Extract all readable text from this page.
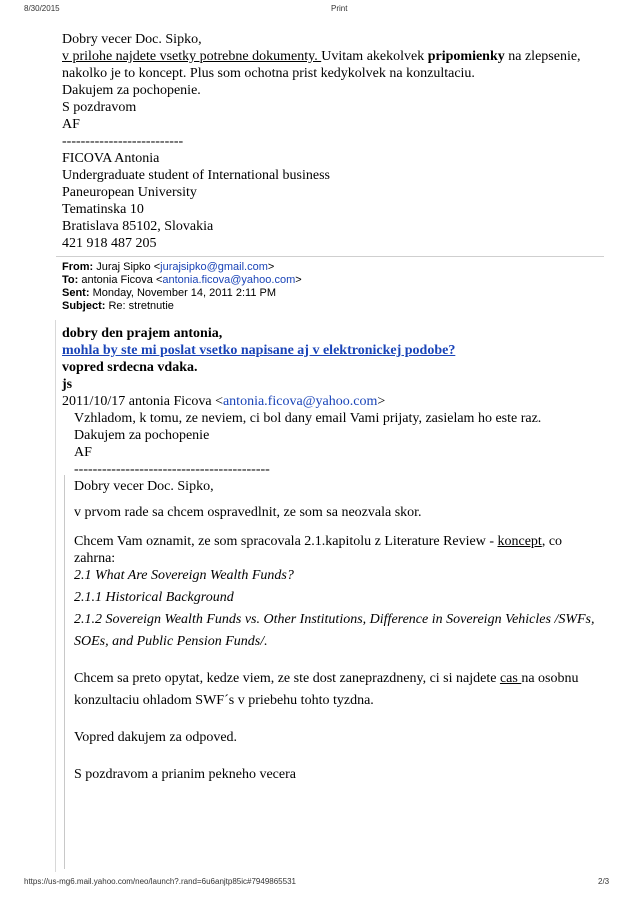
8/30/2015	Print

Dobry vecer Doc. Sipko,

v prilohe najdete vsetky potrebne dokumenty. Uvitam akekolvek pripomienky na zlepsenie,

nakolko je to koncept. Plus som ochotna prist kedykolvek na konzultaciu.

Dakujem za pochopenie.

S pozdravom

AF

--------------------------

FICOVA Antonia

Undergraduate student of International business

Paneuropean University

Tematinska 10

Bratislava 85102, Slovakia

421 918 487 205

From: Juraj Sipko <jurajsipko@gmail.com>
To: antonia Ficova <antonia.ficova@yahoo.com>
Sent: Monday, November 14, 2011 2:11 PM
Subject: Re: stretnutie

dobry den prajem antonia,

mohla by ste mi poslat vsetko napisane aj v elektronickej podobe?

vopred srdecna vdaka.

js

2011/10/17 antonia Ficova <antonia.ficova@yahoo.com>

Vzhladom, k tomu, ze neviem, ci bol dany email Vami prijaty, zasielam ho este raz.

Dakujem za pochopenie

AF

------------------------------------------

Dobry vecer Doc. Sipko,

v prvom rade sa chcem ospravedlnit, ze som sa neozvala skor.

Chcem Vam oznamit, ze som spracovala 2.1.kapitolu z Literature Review - koncept, co zahrna:

2.1 What Are Sovereign Wealth Funds?

2.1.1 Historical Background

2.1.2 Sovereign Wealth Funds vs. Other Institutions, Difference in Sovereign Vehicles /SWFs,

SOEs, and Public Pension Funds/.

Chcem sa preto opytat, kedze viem, ze ste dost zaneprazdneny, ci si najdete cas na osobnu

konzultaciu ohladom SWF´s v priebehu tohto tyzdna.

Vopred dakujem za odpoved.

S pozdravom a prianim pekneho vecera

https://us-mg6.mail.yahoo.com/neo/launch?.rand=6u6anjtp85ic#7949865531	2/3
